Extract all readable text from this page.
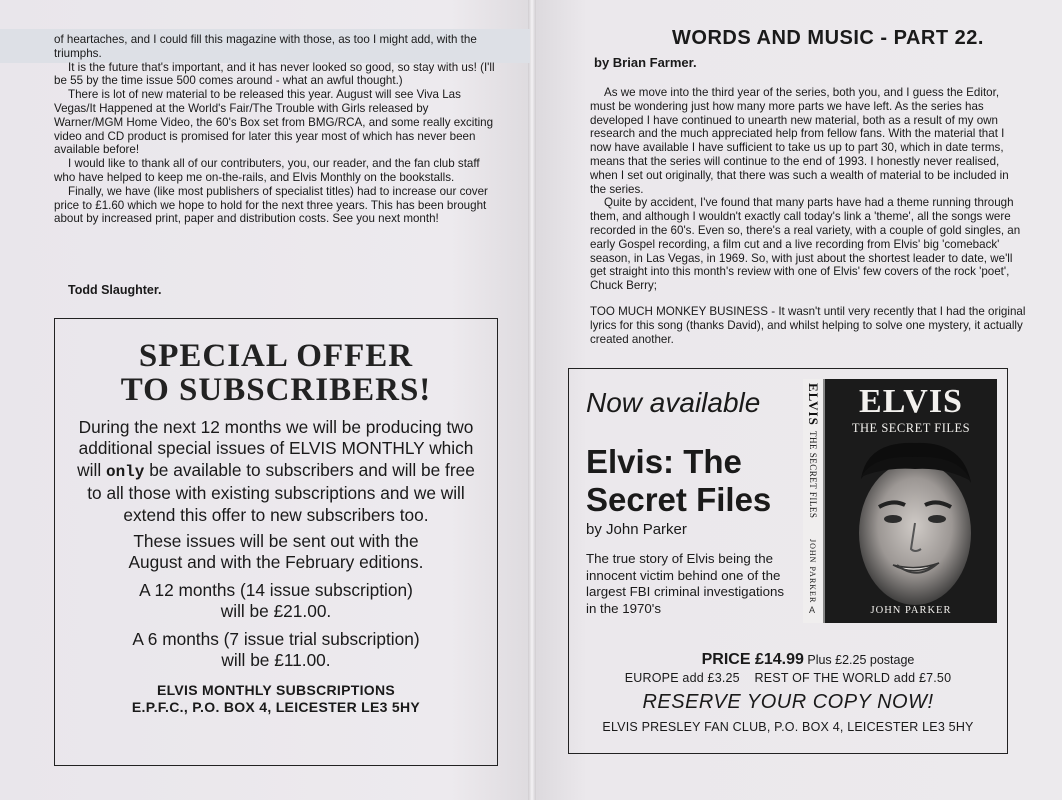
of heartaches, and I could fill this magazine with those, as too I might add, with the triumphs.

It is the future that's important, and it has never looked so good, so stay with us! (I'll be 55 by the time issue 500 comes around - what an awful thought.)

There is lot of new material to be released this year. August will see Viva Las Vegas/It Happened at the World's Fair/The Trouble with Girls released by Warner/MGM Home Video, the 60's Box set from BMG/RCA, and some really exciting video and CD product is promised for later this year most of which has never been available before!

I would like to thank all of our contributers, you, our reader, and the fan club staff who have helped to keep me on-the-rails, and Elvis Monthly on the bookstalls.

Finally, we have (like most publishers of specialist titles) had to increase our cover price to £1.60 which we hope to hold for the next three years. This has been brought about by increased print, paper and distribution costs. See you next month!

Todd Slaughter.
SPECIAL OFFER
TO SUBSCRIBERS!
During the next 12 months we will be producing two additional special issues of ELVIS MONTHLY which will only be available to subscribers and will be free to all those with existing subscriptions and we will extend this offer to new subscribers too.
These issues will be sent out with the August and with the February editions.
A 12 months (14 issue subscription)
will be £21.00.
A 6 months (7 issue trial subscription)
will be £11.00.
ELVIS MONTHLY SUBSCRIPTIONS
E.P.F.C., P.O. BOX 4, LEICESTER LE3 5HY
WORDS AND MUSIC - PART 22.
by Brian Farmer.

As we move into the third year of the series, both you, and I guess the Editor, must be wondering just how many more parts we have left. As the series has developed I have continued to unearth new material, both as a result of my own research and the much appreciated help from fellow fans. With the material that I now have available I have sufficient to take us up to part 30, which in date terms, means that the series will continue to the end of 1993. I honestly never realised, when I set out originally, that there was such a wealth of material to be included in the series.

Quite by accident, I've found that many parts have had a theme running through them, and although I wouldn't exactly call today's link a 'theme', all the songs were recorded in the 60's. Even so, there's a real variety, with a couple of gold singles, an early Gospel recording, a film cut and a live recording from Elvis' big 'comeback' season, in Las Vegas, in 1969. So, with just about the shortest leader to date, we'll get straight into this month's review with one of Elvis' few covers of the rock 'poet', Chuck Berry;

TOO MUCH MONKEY BUSINESS - It wasn't until very recently that I had the original lyrics for this song (thanks David), and whilst helping to solve one mystery, it actually created another.

Now available
Elvis: The
Secret Files
by John Parker
The true story of Elvis being the innocent victim behind one of the largest FBI criminal investigations in the 1970's
ELVIS
THE SECRET FILES
JOHN PARKER
A
ELVIS
THE SECRET FILES
JOHN PARKER
PRICE £14.99 Plus £2.25 postage
EUROPE add £3.25 REST OF THE WORLD add £7.50
RESERVE YOUR COPY NOW!
ELVIS PRESLEY FAN CLUB, P.O. BOX 4, LEICESTER LE3 5HY
